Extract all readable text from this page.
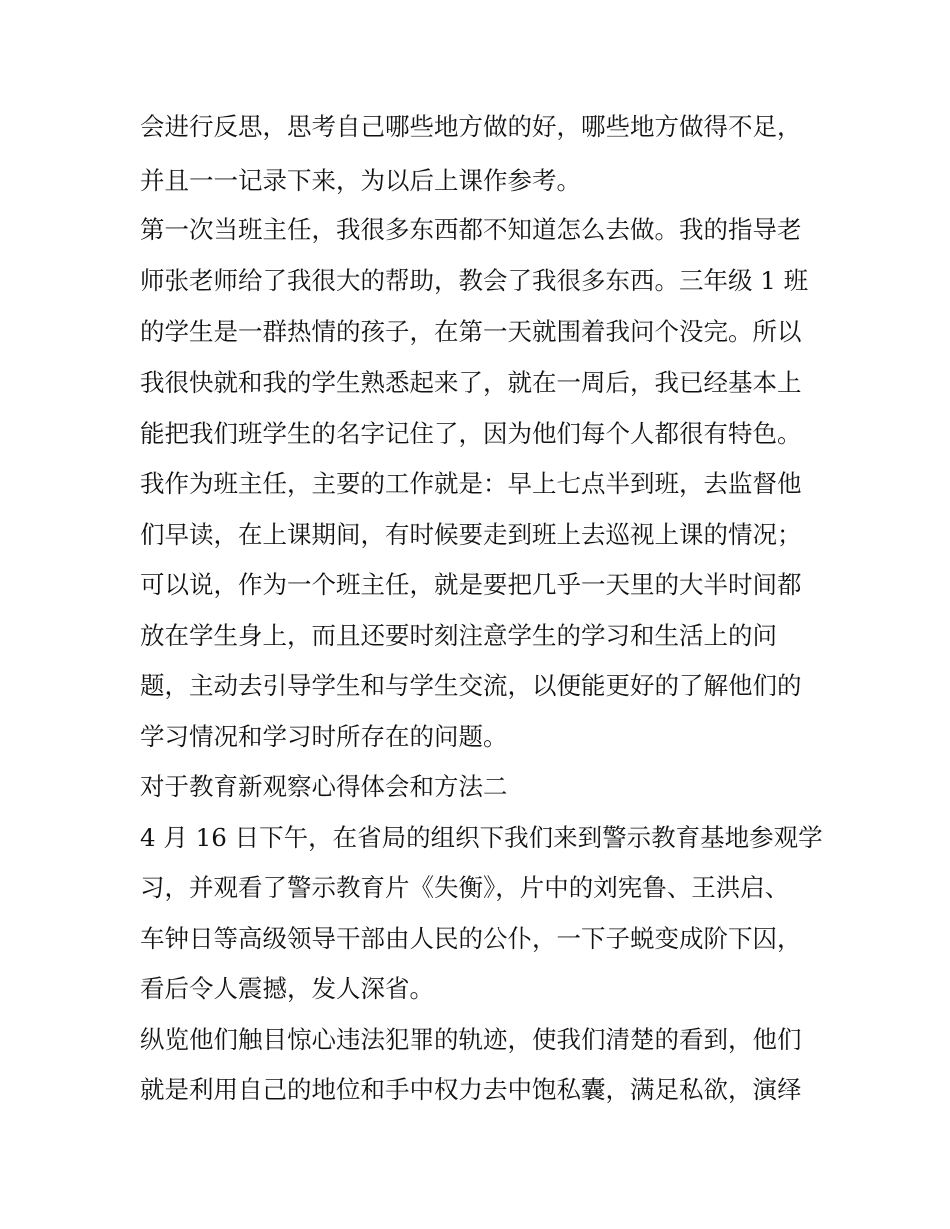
会进行反思，思考自己哪些地方做的好，哪些地方做得不足，
并且一一记录下来，为以后上课作参考。
第一次当班主任，我很多东西都不知道怎么去做。我的指导老
师张老师给了我很大的帮助，教会了我很多东西。三年级 1 班
的学生是一群热情的孩子，在第一天就围着我问个没完。所以
我很快就和我的学生熟悉起来了，就在一周后，我已经基本上
能把我们班学生的名字记住了，因为他们每个人都很有特色。
我作为班主任，主要的工作就是：早上七点半到班，去监督他
们早读，在上课期间，有时候要走到班上去巡视上课的情况；
可以说，作为一个班主任，就是要把几乎一天里的大半时间都
放在学生身上，而且还要时刻注意学生的学习和生活上的问
题，主动去引导学生和与学生交流，以便能更好的了解他们的
学习情况和学习时所存在的问题。
对于教育新观察心得体会和方法二
4 月 16 日下午，在省局的组织下我们来到警示教育基地参观学
习，并观看了警示教育片《失衡》，片中的刘宪鲁、王洪启、
车钟日等高级领导干部由人民的公仆，一下子蜕变成阶下囚，
看后令人震撼，发人深省。
纵览他们触目惊心违法犯罪的轨迹，使我们清楚的看到，他们
就是利用自己的地位和手中权力去中饱私囊，满足私欲，演绎
